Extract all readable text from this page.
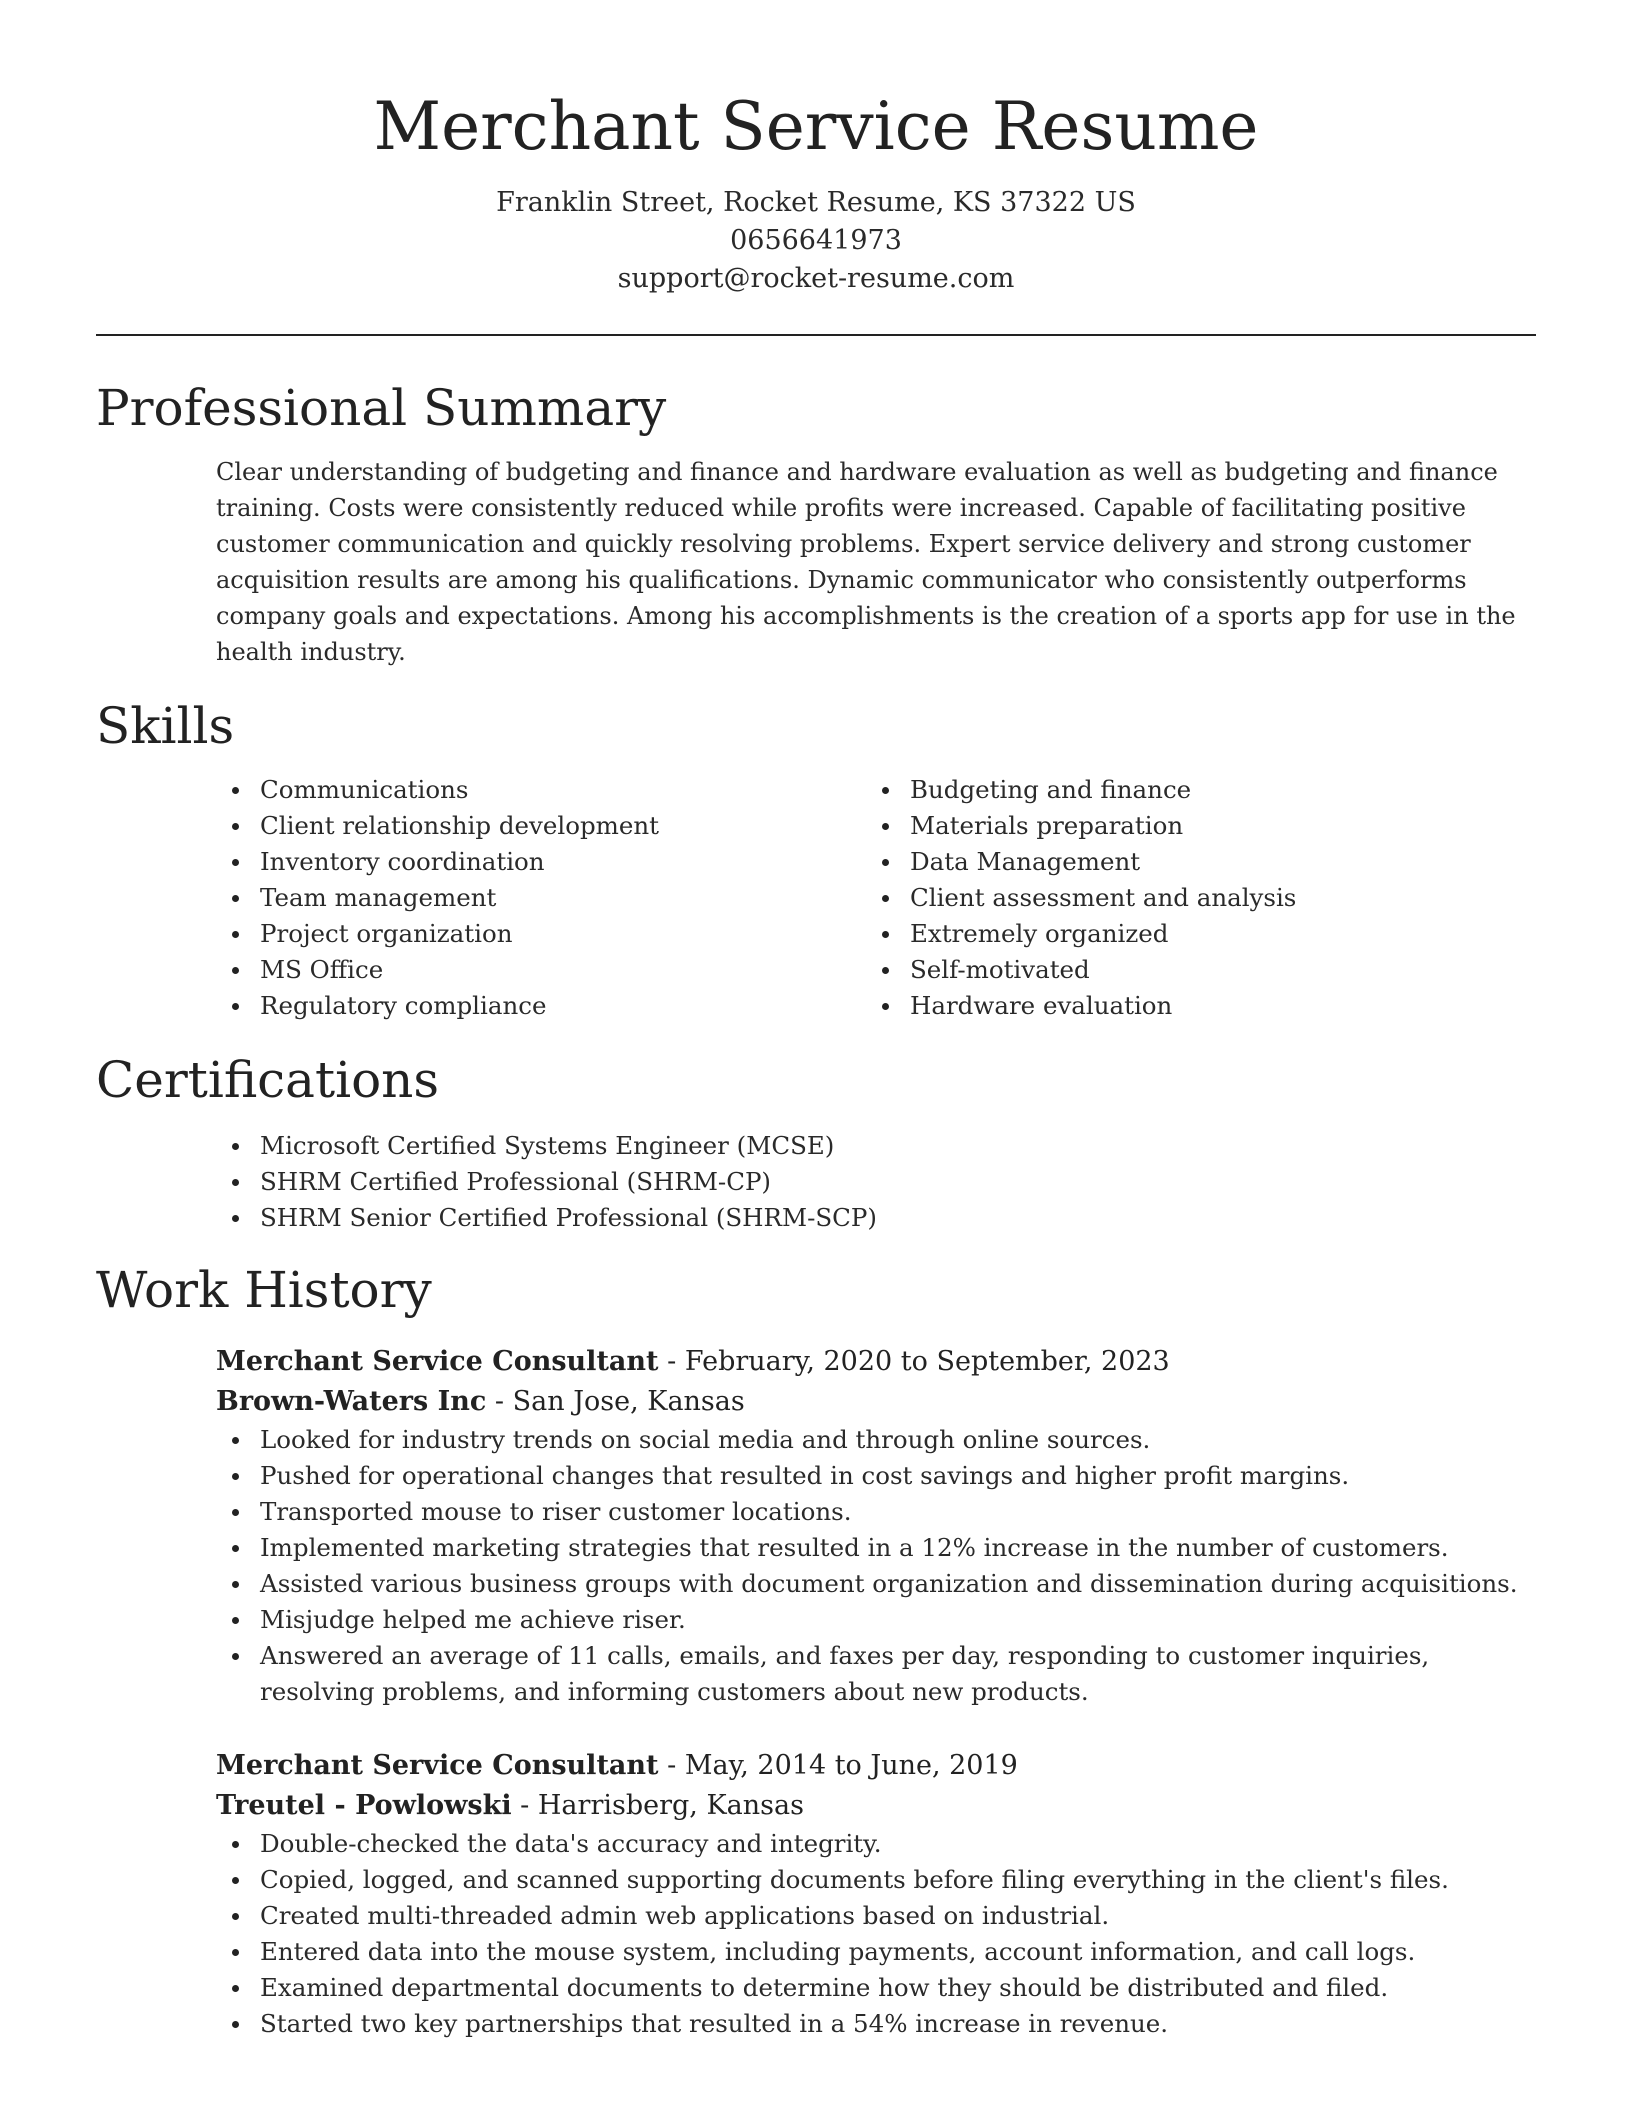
Merchant Service Resume
Franklin Street, Rocket Resume, KS 37322 US
0656641973
support@rocket-resume.com
Professional Summary
Clear understanding of budgeting and finance and hardware evaluation as well as budgeting and finance training. Costs were consistently reduced while profits were increased. Capable of facilitating positive customer communication and quickly resolving problems. Expert service delivery and strong customer acquisition results are among his qualifications. Dynamic communicator who consistently outperforms company goals and expectations. Among his accomplishments is the creation of a sports app for use in the health industry.
Skills
Communications
Client relationship development
Inventory coordination
Team management
Project organization
MS Office
Regulatory compliance
Budgeting and finance
Materials preparation
Data Management
Client assessment and analysis
Extremely organized
Self-motivated
Hardware evaluation
Certifications
Microsoft Certified Systems Engineer (MCSE)
SHRM Certified Professional (SHRM-CP)
SHRM Senior Certified Professional (SHRM-SCP)
Work History
Merchant Service Consultant - February, 2020 to September, 2023
Brown-Waters Inc - San Jose, Kansas
Looked for industry trends on social media and through online sources.
Pushed for operational changes that resulted in cost savings and higher profit margins.
Transported mouse to riser customer locations.
Implemented marketing strategies that resulted in a 12% increase in the number of customers.
Assisted various business groups with document organization and dissemination during acquisitions.
Misjudge helped me achieve riser.
Answered an average of 11 calls, emails, and faxes per day, responding to customer inquiries, resolving problems, and informing customers about new products.
Merchant Service Consultant - May, 2014 to June, 2019
Treutel - Powlowski - Harrisberg, Kansas
Double-checked the data's accuracy and integrity.
Copied, logged, and scanned supporting documents before filing everything in the client's files.
Created multi-threaded admin web applications based on industrial.
Entered data into the mouse system, including payments, account information, and call logs.
Examined departmental documents to determine how they should be distributed and filed.
Started two key partnerships that resulted in a 54% increase in revenue.
